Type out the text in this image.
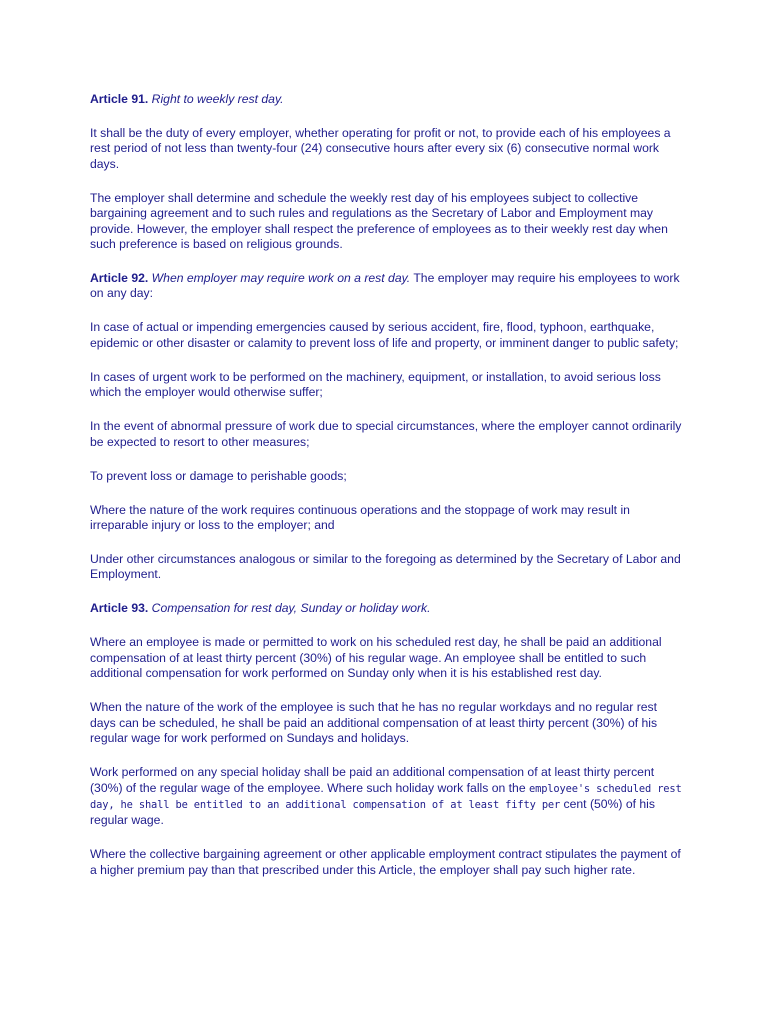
Article 91. Right to weekly rest day.

It shall be the duty of every employer, whether operating for profit or not, to provide each of his employees a rest period of not less than twenty-four (24) consecutive hours after every six (6) consecutive normal work days.

The employer shall determine and schedule the weekly rest day of his employees subject to collective bargaining agreement and to such rules and regulations as the Secretary of Labor and Employment may provide. However, the employer shall respect the preference of employees as to their weekly rest day when such preference is based on religious grounds.

Article 92. When employer may require work on a rest day. The employer may require his employees to work on any day:

In case of actual or impending emergencies caused by serious accident, fire, flood, typhoon, earthquake, epidemic or other disaster or calamity to prevent loss of life and property, or imminent danger to public safety;

In cases of urgent work to be performed on the machinery, equipment, or installation, to avoid serious loss which the employer would otherwise suffer;

In the event of abnormal pressure of work due to special circumstances, where the employer cannot ordinarily be expected to resort to other measures;

To prevent loss or damage to perishable goods;

Where the nature of the work requires continuous operations and the stoppage of work may result in irreparable injury or loss to the employer; and

Under other circumstances analogous or similar to the foregoing as determined by the Secretary of Labor and Employment.

Article 93. Compensation for rest day, Sunday or holiday work.

Where an employee is made or permitted to work on his scheduled rest day, he shall be paid an additional compensation of at least thirty percent (30%) of his regular wage. An employee shall be entitled to such additional compensation for work performed on Sunday only when it is his established rest day.

When the nature of the work of the employee is such that he has no regular workdays and no regular rest days can be scheduled, he shall be paid an additional compensation of at least thirty percent (30%) of his regular wage for work performed on Sundays and holidays.

Work performed on any special holiday shall be paid an additional compensation of at least thirty percent (30%) of the regular wage of the employee. Where such holiday work falls on the employee's scheduled rest day, he shall be entitled to an additional compensation of at least fifty per cent (50%) of his regular wage.

Where the collective bargaining agreement or other applicable employment contract stipulates the payment of a higher premium pay than that prescribed under this Article, the employer shall pay such higher rate.
